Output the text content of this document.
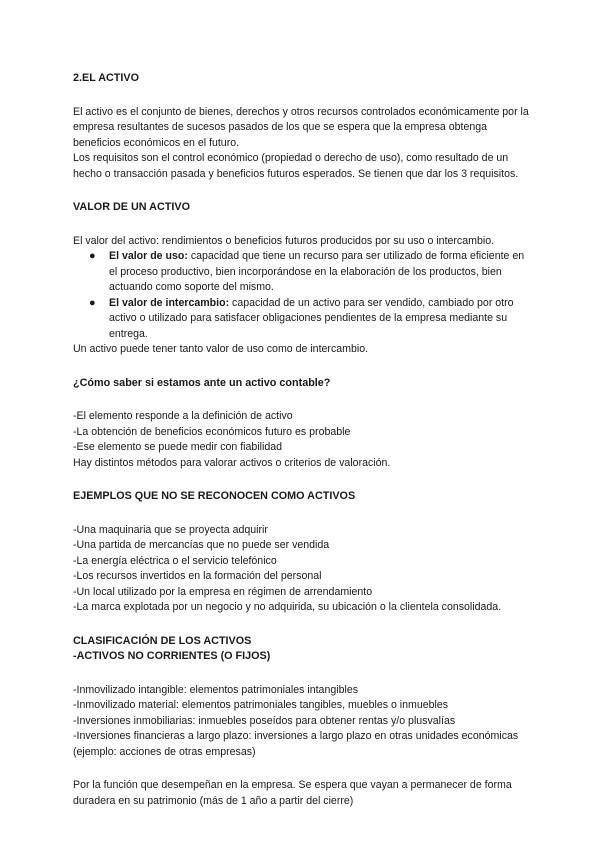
2.EL ACTIVO

El activo es el conjunto de bienes, derechos y otros recursos controlados económicamente por la empresa resultantes de sucesos pasados de los que se espera que la empresa obtenga beneficios económicos en el futuro.

Los requisitos son el control económico (propiedad o derecho de uso), como resultado de un hecho o transacción pasada y beneficios futuros esperados. Se tienen que dar los 3 requisitos.

VALOR DE UN ACTIVO

El valor del activo: rendimientos o beneficios futuros producidos por su uso o intercambio.

● El valor de uso: capacidad que tiene un recurso para ser utilizado de forma eficiente en el proceso productivo, bien incorporándose en la elaboración de los productos, bien actuando como soporte del mismo.
● El valor de intercambio: capacidad de un activo para ser vendido, cambiado por otro activo o utilizado para satisfacer obligaciones pendientes de la empresa mediante su entrega.

Un activo puede tener tanto valor de uso como de intercambio.

¿Cómo saber si estamos ante un activo contable?
-El elemento responde a la definición de activo
-La obtención de beneficios económicos futuro es probable
-Ese elemento se puede medir con fiabilidad
Hay distintos métodos para valorar activos o criterios de valoración.
EJEMPLOS QUE NO SE RECONOCEN COMO ACTIVOS
-Una maquinaria que se proyecta adquirir
-Una partida de mercancías que no puede ser vendida
-La energía eléctrica o el servicio telefónico
-Los recursos invertidos en la formación del personal
-Un local utilizado por la empresa en régimen de arrendamiento
-La marca explotada por un negocio y no adquirida, su ubicación o la clientela consolidada.
CLASIFICACIÓN DE LOS ACTIVOS
-ACTIVOS NO CORRIENTES (O FIJOS)
-Inmovilizado intangible: elementos patrimoniales intangibles
-Inmovilizado material: elementos patrimoniales tangibles, muebles o inmuebles
-Inversiones inmobiliarias: inmuebles poseídos para obtener rentas y/o plusvalías
-Inversiones financieras a largo plazo: inversiones a largo plazo en otras unidades económicas (ejemplo: acciones de otras empresas)

Por la función que desempeñan en la empresa. Se espera que vayan a permanecer de forma duradera en su patrimonio (más de 1 año a partir del cierre)
